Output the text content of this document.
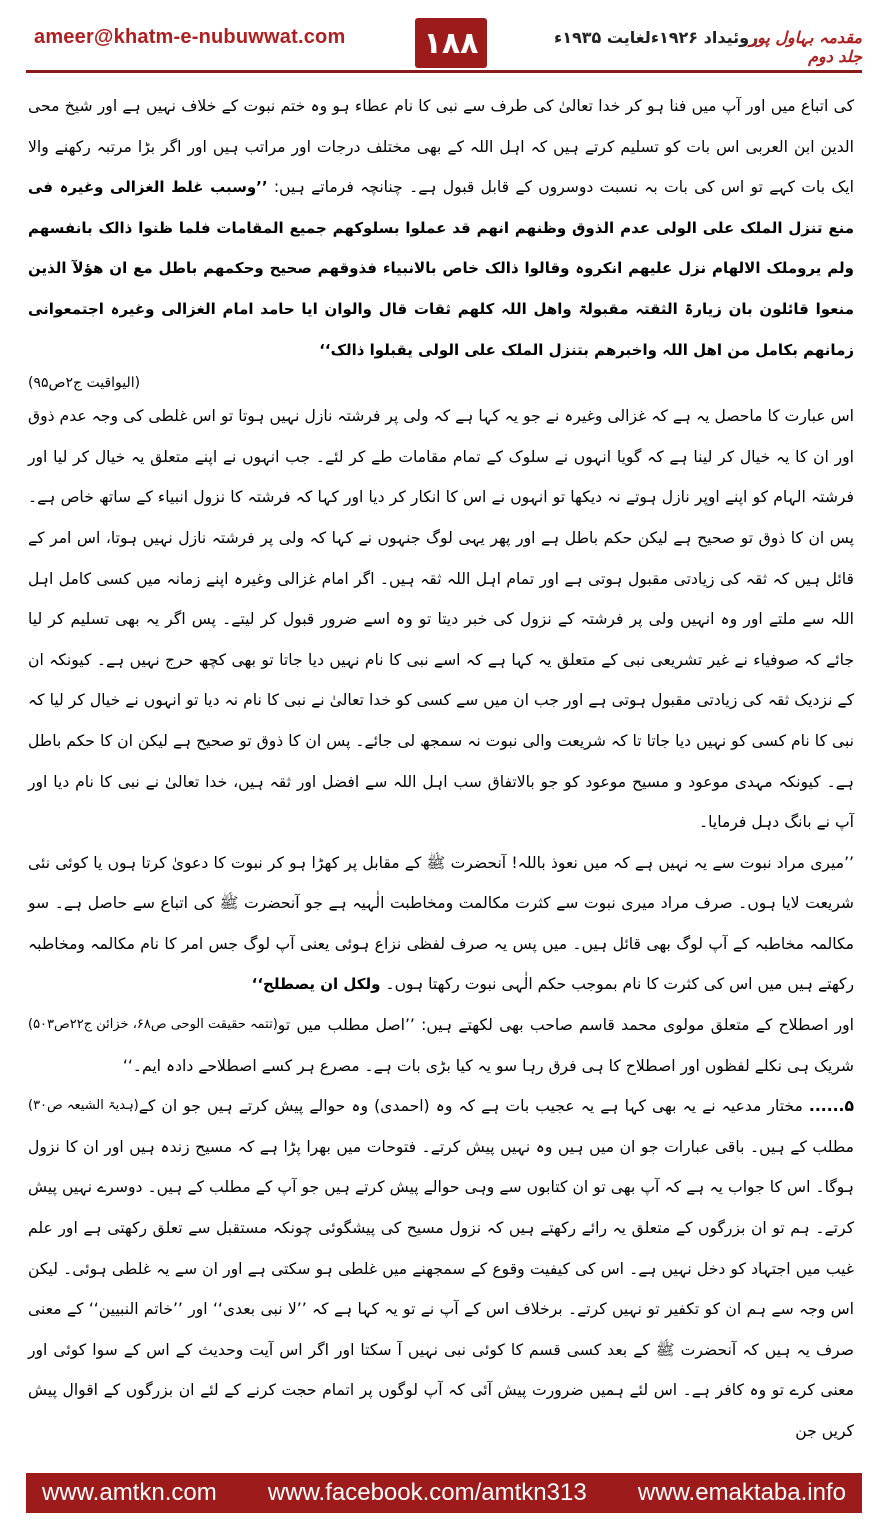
ameer@khatm-e-nubuwwat.com	۱۸۸	روئیداد ۱۹۲۶ءلغایت ۱۹۳۵ء
مقدمہ بہاول پور جلد دوم

کی اتباع میں اور آپ میں فنا ہو کر خدا تعالیٰ کی طرف سے نبی کا نام عطاء ہو وہ ختم نبوت کے خلاف نہیں ہے اور شیخ محی الدین ابن العربی اس بات کو تسلیم کرتے ہیں کہ اہل اللہ کے بھی مختلف درجات اور مراتب ہیں اور اگر بڑا مرتبہ رکھنے والا ایک بات کہے تو اس کی بات بہ نسبت دوسروں کے قابل قبول ہے۔ چنانچہ فرماتے ہیں: ’’وسبب غلط الغزالی وغیرہ فی منع تنزل الملک علی الولی عدم الذوق وظنھم انھم قد عملوا بسلوکھم جمیع المقامات فلما ظنوا ذالک بانفسھم ولم یروملک الالھام نزل علیھم انکروہ وقالوا ذالک خاص بالانبیاء فذوقھم صحیح وحکمھم باطل مع ان ھؤلآ الذین منعوا قائلون بان زیارۃ الثقتہ مقبولۃ واھل اللہ کلھم ثقات قال والوان ایا حامد امام الغزالی وغیرہ اجتمعوانی زمانھم بکامل من اھل اللہ واخبرھم بتنزل الملک علی الولی یقبلوا ذالک‘‘

(الیواقیت ج۲ص۹۵)

اس عبارت کا ماحصل یہ ہے کہ غزالی وغیرہ نے جو یہ کہا ہے کہ ولی پر فرشتہ نازل نہیں ہوتا تو اس غلطی کی وجہ عدم ذوق اور ان کا یہ خیال کر لینا ہے کہ گویا انہوں نے سلوک کے تمام مقامات طے کر لئے۔ جب انہوں نے اپنے متعلق یہ خیال کر لیا اور فرشتہ الہام کو اپنے اوپر نازل ہوتے نہ دیکھا تو انہوں نے اس کا انکار کر دیا اور کہا کہ فرشتہ کا نزول انبیاء کے ساتھ خاص ہے۔ پس ان کا ذوق تو صحیح ہے لیکن حکم باطل ہے اور پھر یہی لوگ جنہوں نے کہا کہ ولی پر فرشتہ نازل نہیں ہوتا، اس امر کے قائل ہیں کہ ثقہ کی زیادتی مقبول ہوتی ہے اور تمام اہل اللہ ثقہ ہیں۔ اگر امام غزالی وغیرہ اپنے زمانہ میں کسی کامل اہل اللہ سے ملتے اور وہ انہیں ولی پر فرشتہ کے نزول کی خبر دیتا تو وہ اسے ضرور قبول کر لیتے۔ پس اگر یہ بھی تسلیم کر لیا جائے کہ صوفیاء نے غیر تشریعی نبی کے متعلق یہ کہا ہے کہ اسے نبی کا نام نہیں دیا جاتا تو بھی کچھ حرج نہیں ہے۔ کیونکہ ان کے نزدیک ثقہ کی زیادتی مقبول ہوتی ہے اور جب ان میں سے کسی کو خدا تعالیٰ نے نبی کا نام نہ دیا تو انہوں نے خیال کر لیا کہ نبی کا نام کسی کو نہیں دیا جاتا تا کہ شریعت والی نبوت نہ سمجھ لی جائے۔ پس ان کا ذوق تو صحیح ہے لیکن ان کا حکم باطل ہے۔ کیونکہ مہدی موعود و مسیح موعود کو جو بالاتفاق سب اہل اللہ سے افضل اور ثقہ ہیں، خدا تعالیٰ نے نبی کا نام دیا اور آپ نے بانگ دہل فرمایا۔

’’میری مراد نبوت سے یہ نہیں ہے کہ میں نعوذ باللہ! آنحضرت ﷺ کے مقابل پر کھڑا ہو کر نبوت کا دعویٰ کرتا ہوں یا کوئی نئی شریعت لایا ہوں۔ صرف مراد میری نبوت سے کثرت مکالمت ومخاطبت الٰہیہ ہے جو آنحضرت ﷺ کی اتباع سے حاصل ہے۔ سو مکالمہ مخاطبہ کے آپ لوگ بھی قائل ہیں۔ میں پس یہ صرف لفظی نزاع ہوئی یعنی آپ لوگ جس امر کا نام مکالمہ ومخاطبہ رکھتے ہیں میں اس کی کثرت کا نام بموجب حکم الٰہی نبوت رکھتا ہوں۔ ولکل ان یصطلح‘‘
(تتمہ حقیقت الوحی ص۶۸، خزائن ج۲۲ص۵۰۳) اور اصطلاح کے متعلق مولوی محمد قاسم صاحب بھی لکھتے ہیں: ’’اصل مطلب میں تو شریک ہی نکلے لفظوں اور اصطلاح کا ہی فرق رہا سو یہ کیا بڑی بات ہے۔ مصرع ہر کسے اصطلاحے دادہ ایم۔‘‘
(ہدیۃ الشیعہ ص۳۰)	۵...... مختار مدعیہ نے یہ بھی کہا ہے یہ عجیب بات ہے کہ وہ (احمدی) وہ حوالے پیش کرتے ہیں جو ان کے مطلب کے ہیں۔ باقی عبارات جو ان میں ہیں وہ نہیں پیش کرتے۔ فتوحات میں بھرا پڑا ہے کہ مسیح زندہ ہیں اور ان کا نزول ہوگا۔ اس کا جواب یہ ہے کہ آپ بھی تو ان کتابوں سے وہی حوالے پیش کرتے ہیں جو آپ کے مطلب کے ہیں۔ دوسرے نہیں پیش کرتے۔ ہم تو ان بزرگوں کے متعلق یہ رائے رکھتے ہیں کہ نزول مسیح کی پیشگوئی چونکہ مستقبل سے تعلق رکھتی ہے اور علم غیب میں اجتہاد کو دخل نہیں ہے۔ اس کی کیفیت وقوع کے سمجھنے میں غلطی ہو سکتی ہے اور ان سے یہ غلطی ہوئی۔ لیکن اس وجہ سے ہم ان کو تکفیر تو نہیں کرتے۔ برخلاف اس کے آپ نے تو یہ کہا ہے کہ ’’لا نبی بعدی‘‘ اور ’’خاتم النبیین‘‘ کے معنی صرف یہ ہیں کہ آنحضرت ﷺ کے بعد کسی قسم کا کوئی نبی نہیں آ سکتا اور اگر اس آیت وحدیث کے اس کے سوا کوئی اور معنی کرے تو وہ کافر ہے۔ اس لئے ہمیں ضرورت پیش آئی کہ آپ لوگوں پر اتمام حجت کرنے کے لئے ان بزرگوں کے اقوال پیش کریں جن

www.amtkn.com www.facebook.com/amtkn313 www.emaktaba.info
